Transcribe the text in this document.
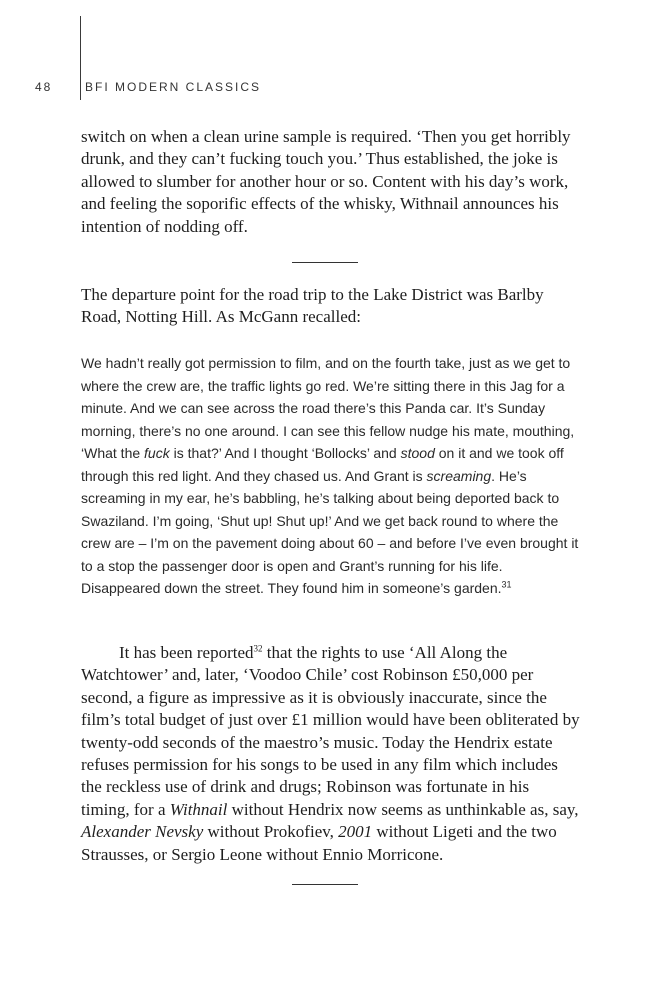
48	BFI MODERN CLASSICS

switch on when a clean urine sample is required. ‘Then you get horribly drunk, and they can’t fucking touch you.’ Thus established, the joke is allowed to slumber for another hour or so. Content with his day’s work, and feeling the soporific effects of the whisky, Withnail announces his intention of nodding off.

The departure point for the road trip to the Lake District was Barlby Road, Notting Hill. As McGann recalled:

We hadn’t really got permission to film, and on the fourth take, just as we get to where the crew are, the traffic lights go red. We’re sitting there in this Jag for a minute. And we can see across the road there’s this Panda car. It’s Sunday morning, there’s no one around. I can see this fellow nudge his mate, mouthing, ‘What the fuck is that?’ And I thought ‘Bollocks’ and stood on it and we took off through this red light. And they chased us. And Grant is screaming. He’s screaming in my ear, he’s babbling, he’s talking about being deported back to Swaziland. I’m going, ‘Shut up! Shut up!’ And we get back round to where the crew are – I’m on the pavement doing about 60 – and before I’ve even brought it to a stop the passenger door is open and Grant’s running for his life. Disappeared down the street. They found him in someone’s garden.$^{31}$

It has been reported$^{32}$ that the rights to use ‘All Along the Watchtower’ and, later, ‘Voodoo Chile’ cost Robinson £50,000 per second, a figure as impressive as it is obviously inaccurate, since the film’s total budget of just over £1 million would have been obliterated by twenty-odd seconds of the maestro’s music. Today the Hendrix estate refuses permission for his songs to be used in any film which includes the reckless use of drink and drugs; Robinson was fortunate in his timing, for a Withnail without Hendrix now seems as unthinkable as, say, Alexander Nevsky without Prokofiev, 2001 without Ligeti and the two Strausses, or Sergio Leone without Ennio Morricone.
